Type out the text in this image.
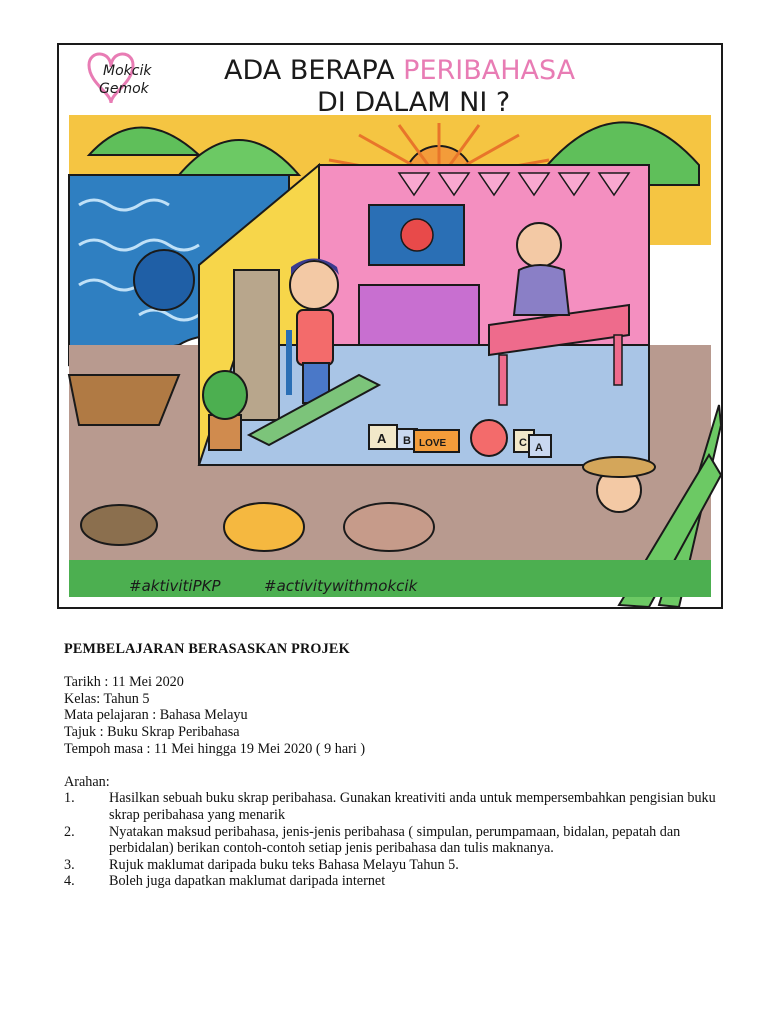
A B LOVE	C A
Mokcik
Gemok
ADA BERAPA PERIBAHASA
DI DALAM NI ?
#aktivitiPKP	#activitywithmokcik
PEMBELAJARAN BERASASKAN PROJEK
Tarikh : 11 Mei 2020
Kelas: Tahun 5
Mata pelajaran : Bahasa Melayu
Tajuk : Buku Skrap Peribahasa
Tempoh masa : 11 Mei hingga 19 Mei 2020 ( 9 hari )
Arahan:
1.	Hasilkan sebuah buku skrap peribahasa. Gunakan kreativiti anda untuk mempersembahkan pengisian buku skrap peribahasa yang menarik
2.	Nyatakan maksud peribahasa, jenis-jenis peribahasa ( simpulan, perumpamaan, bidalan, pepatah dan perbidalan) berikan contoh-contoh setiap jenis peribahasa dan tulis maknanya.
3.	Rujuk maklumat daripada buku teks Bahasa Melayu Tahun 5.
4.	Boleh juga dapatkan maklumat daripada internet
